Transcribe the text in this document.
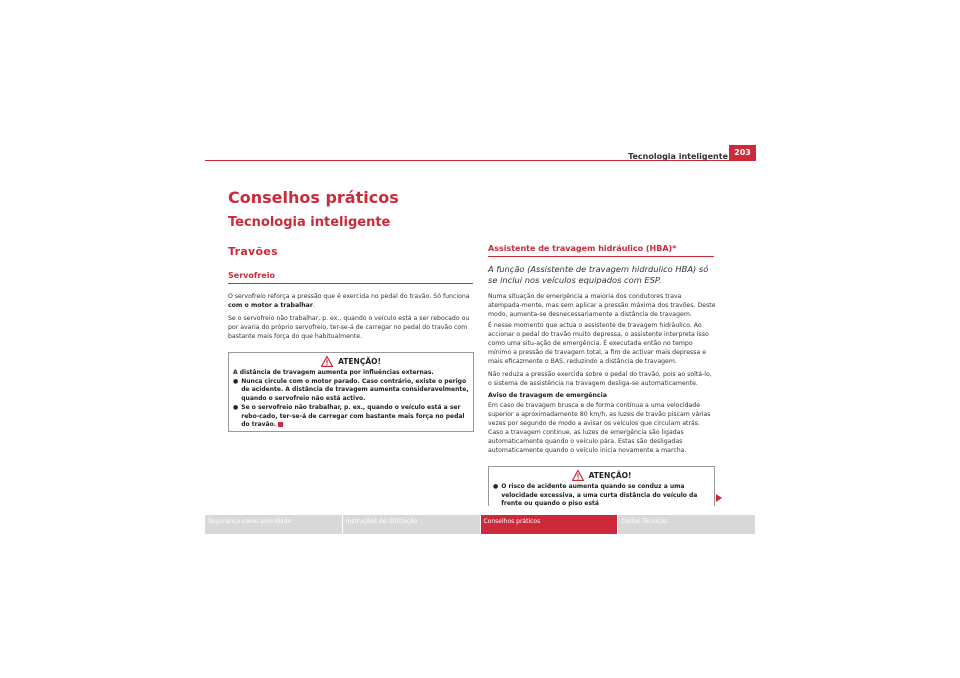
Tecnologia inteligente 203
Conselhos práticos
Tecnologia inteligente
Travões
Servofreio
O servofreio reforça a pressão que é exercida no pedal do travão. Só funciona com o motor a trabalhar.
Se o servofreio não trabalhar, p. ex., quando o veículo está a ser rebocado ou por avaria do próprio servofreio, ter-se-á de carregar no pedal do travão com bastante mais força do que habitualmente.
ATENÇÃO!
A distância de travagem aumenta por influências externas.
● Nunca circule com o motor parado. Caso contrário, existe o perigo de acidente. A distância de travagem aumenta consideravelmente, quando o servofreio não está activo.
● Se o servofreio não trabalhar, p. ex., quando o veículo está a ser rebo-cado, ter-se-á de carregar com bastante mais força no pedal do travão.
Assistente de travagem hidráulico (HBA)*
A função (Assistente de travagem hidrdulico HBA) só se inclui nos veículos equipados com ESP.
Numa situação de emergência a maioria dos condutores trava atempada-mente, mas sem aplicar a pressão máxima dos travões. Deste modo, aumenta-se desnecessariamente a distância de travagem.
É nesse momento que actua o assistente de travagem hidráulico. Ao accionar o pedal do travão muito depressa, o assistente interpreta isso como uma situ-ação de emergência. É executada então no tempo mínimo a pressão de travagem total, a fim de activar mais depressa e mais eficazmente o BAS, reduzindo a distância de travagem.
Não reduza a pressão exercida sobre o pedal do travão, pois ao soltá-lo, o sistema de assistência na travagem desliga-se automaticamente.
Aviso de travagem de emergência
Em caso de travagem brusca e de forma contínua a uma velocidade superior a aproximadamente 80 km/h, as luzes de travão piscam várias vezes por segundo de modo a avisar os veículos que circulam atrás. Caso a travagem continue, as luzes de emergência são ligadas automaticamente quando o veículo pára. Estas são desligadas automaticamente quando o veículo inicia novamente a marcha.
ATENÇÃO!
● O risco de acidente aumenta quando se conduz a uma velocidade excessiva, a uma curta distância do veículo da frente ou quando o piso está
Segurança como prioridade	Instruções de Utilização	Conselhos práticos	Dados Técnicos
